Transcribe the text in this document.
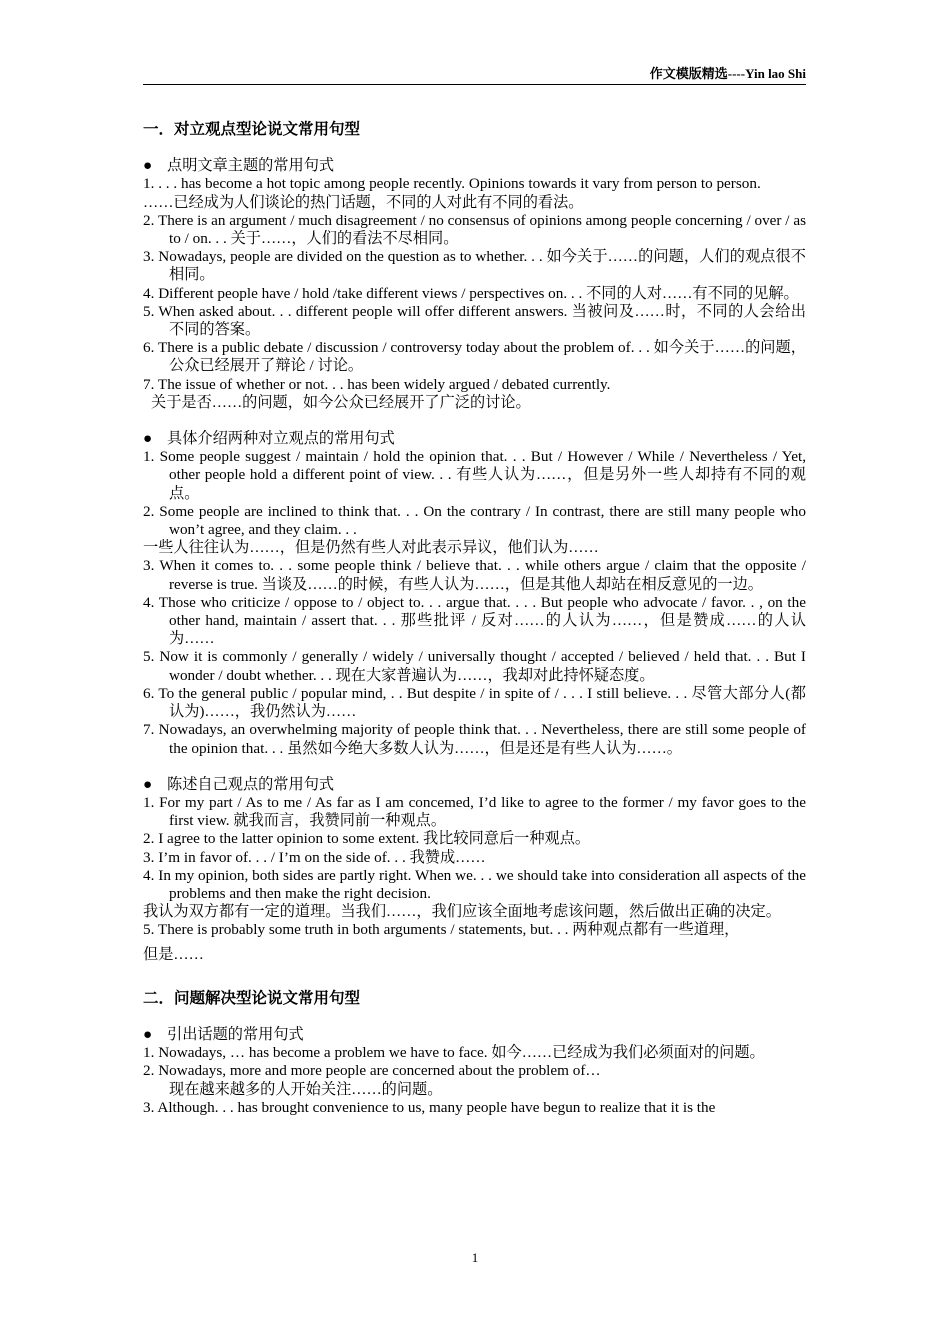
作文模版精选----Yin lao Shi
一．对立观点型论说文常用句型
● 点明文章主题的常用句式
1. . . . has become a hot topic among people recently. Opinions towards it vary from person to person.
……已经成为人们谈论的热门话题，不同的人对此有不同的看法。
2. There is an argument / much disagreement / no consensus of opinions among people concerning / over / as to / on. . . 关于……，人们的看法不尽相同。
3. Nowadays, people are divided on the question as to whether. . . 如今关于……的问题，人们的观点很不相同。
4. Different people have / hold /take different views / perspectives on. . . 不同的人对……有不同的见解。
5. When asked about. . . different people will offer different answers. 当被问及……时，不同的人会给出不同的答案。
6. There is a public debate / discussion / controversy today about the problem of. . . 如今关于……的问题，公众已经展开了辩论 / 讨论。
7. The issue of whether or not. . . has been widely argued / debated currently.
关于是否……的问题，如今公众已经展开了广泛的讨论。
● 具体介绍两种对立观点的常用句式
1. Some people suggest / maintain / hold the opinion that. . . But / However / While / Nevertheless / Yet, other people hold a different point of view. . . 有些人认为……，但是另外一些人却持有不同的观点。
2. Some people are inclined to think that. . . On the contrary / In contrast, there are still many people who won’t agree, and they claim. . .
一些人往往认为……，但是仍然有些人对此表示异议，他们认为……
3. When it comes to. . . some people think / believe that. . . while others argue / claim that the opposite / reverse is true. 当谈及……的时候，有些人认为……，但是其他人却站在相反意见的一边。
4. Those who criticize / oppose to / object to. . . argue that. . . . But people who advocate / favor. . , on the other hand, maintain / assert that. . . 那些批评 / 反对……的人认为……，但是赞成……的人认为……
5. Now it is commonly / generally / widely / universally thought / accepted / believed / held that. . . But I wonder / doubt whether. . . 现在大家普遍认为……，我却对此持怀疑态度。
6. To the general public / popular mind, . . But despite / in spite of / . . . I still believe. . . 尽管大部分人(都认为)……，我仍然认为……
7. Nowadays, an overwhelming majority of people think that. . . Nevertheless, there are still some people of the opinion that. . . 虽然如今绝大多数人认为……，但是还是有些人认为……。
● 陈述自己观点的常用句式
1. For my part / As to me / As far as I am concemed, I’d like to agree to the former / my favor goes to the first view. 就我而言，我赞同前一种观点。
2. I agree to the latter opinion to some extent. 我比较同意后一种观点。
3. I’m in favor of. . . / I’m on the side of. . . 我赞成……
4. In my opinion, both sides are partly right. When we. . . we should take into consideration all aspects of the problems and then make the right decision.
我认为双方都有一定的道理。当我们……，我们应该全面地考虑该问题，然后做出正确的决定。
5. There is probably some truth in both arguments / statements, but. . . 两种观点都有一些道理，
但是……
二．问题解决型论说文常用句型
● 引出话题的常用句式
1. Nowadays, … has become a problem we have to face. 如今……已经成为我们必须面对的问题。
2. Nowadays, more and more people are concerned about the problem of…
现在越来越多的人开始关注……的问题。
3. Although. . . has brought convenience to us, many people have begun to realize that it is the
1
